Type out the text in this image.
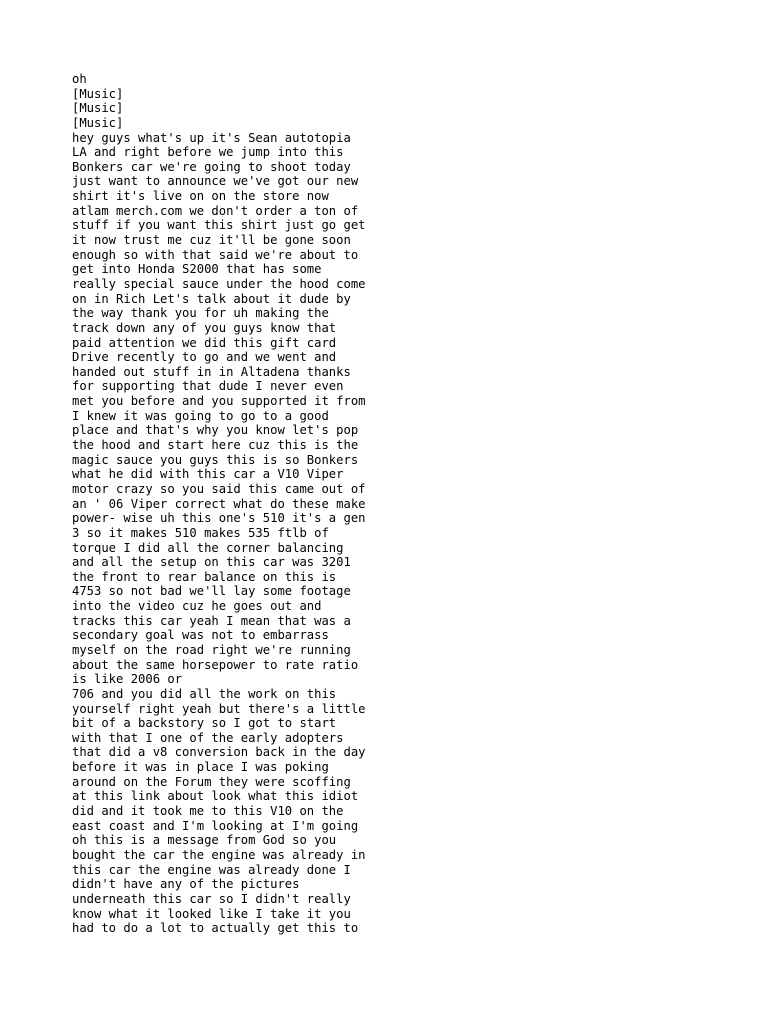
oh
[Music]
[Music]
[Music]
hey guys what's up it's Sean autotopia
LA and right before we jump into this
Bonkers car we're going to shoot today
just want to announce we've got our new
shirt it's live on on the store now
atlam merch.com we don't order a ton of
stuff if you want this shirt just go get
it now trust me cuz it'll be gone soon
enough so with that said we're about to
get into Honda S2000 that has some
really special sauce under the hood come
on in Rich Let's talk about it dude by
the way thank you for uh making the
track down any of you guys know that
paid attention we did this gift card
Drive recently to go and we went and
handed out stuff in in Altadena thanks
for supporting that dude I never even
met you before and you supported it from
I knew it was going to go to a good
place and that's why you know let's pop
the hood and start here cuz this is the
magic sauce you guys this is so Bonkers
what he did with this car a V10 Viper
motor crazy so you said this came out of
an ' 06 Viper correct what do these make
power- wise uh this one's 510 it's a gen
3 so it makes 510 makes 535 ftlb of
torque I did all the corner balancing
and all the setup on this car was 3201
the front to rear balance on this is
4753 so not bad we'll lay some footage
into the video cuz he goes out and
tracks this car yeah I mean that was a
secondary goal was not to embarrass
myself on the road right we're running
about the same horsepower to rate ratio
is like 2006 or
706 and you did all the work on this
yourself right yeah but there's a little
bit of a backstory so I got to start
with that I one of the early adopters
that did a v8 conversion back in the day
before it was in place I was poking
around on the Forum they were scoffing
at this link about look what this idiot
did and it took me to this V10 on the
east coast and I'm looking at I'm going
oh this is a message from God so you
bought the car the engine was already in
this car the engine was already done I
didn't have any of the pictures
underneath this car so I didn't really
know what it looked like I take it you
had to do a lot to actually get this to
